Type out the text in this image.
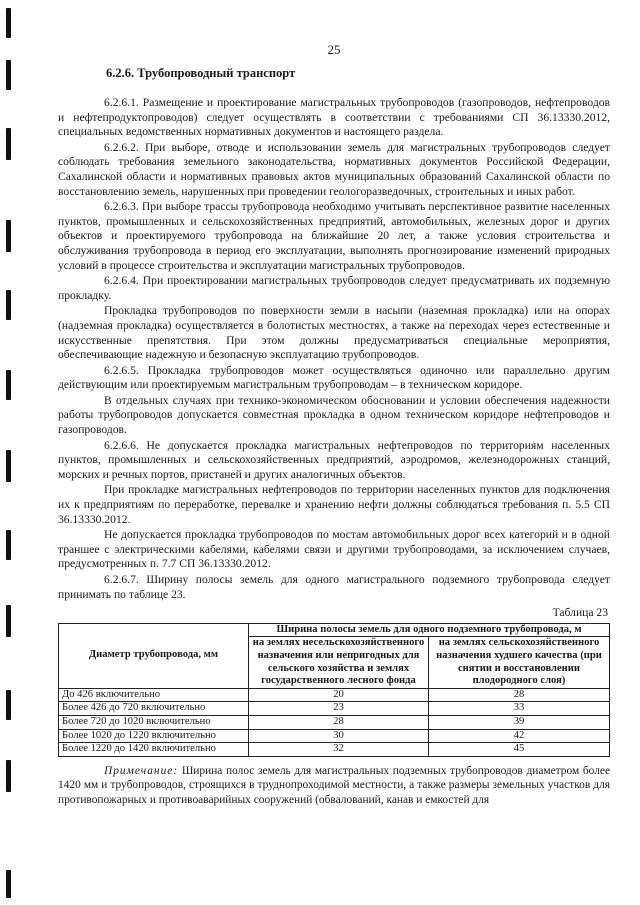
25
6.2.6. Трубопроводный транспорт

6.2.6.1. Размещение и проектирование магистральных трубопроводов (газопроводов, нефтепроводов и нефтепродуктопроводов) следует осуществлять в соответствии с требованиями СП 36.13330.2012, специальных ведомственных нормативных документов и настоящего раздела.

6.2.6.2. При выборе, отводе и использовании земель для магистральных трубопроводов следует соблюдать требования земельного законодательства, нормативных документов Российской Федерации, Сахалинской области и нормативных правовых актов муниципальных образований Сахалинской области по восстановлению земель, нарушенных при проведении геологоразведочных, строительных и иных работ.

6.2.6.3. При выборе трассы трубопровода необходимо учитывать перспективное развитие населенных пунктов, промышленных и сельскохозяйственных предприятий, автомобильных, железных дорог и других объектов и проектируемого трубопровода на ближайшие 20 лет, а также условия строительства и обслуживания трубопровода в период его эксплуатации, выполнять прогнозирование изменений природных условий в процессе строительства и эксплуатации магистральных трубопроводов.

6.2.6.4. При проектировании магистральных трубопроводов следует предусматривать их подземную прокладку.

Прокладка трубопроводов по поверхности земли в насыпи (наземная прокладка) или на опорах (надземная прокладка) осуществляется в болотистых местностях, а также на переходах через естественные и искусственные препятствия. При этом должны предусматриваться специальные мероприятия, обеспечивающие надежную и безопасную эксплуатацию трубопроводов.

6.2.6.5. Прокладка трубопроводов может осуществляться одиночно или параллельно другим действующим или проектируемым магистральным трубопроводам – в техническом коридоре.

В отдельных случаях при технико-экономическом обосновании и условии обеспечения надежности работы трубопроводов допускается совместная прокладка в одном техническом коридоре нефтепроводов и газопроводов.

6.2.6.6. Не допускается прокладка магистральных нефтепроводов по территориям населенных пунктов, промышленных и сельскохозяйственных предприятий, аэродромов, железнодорожных станций, морских и речных портов, пристаней и других аналогичных объектов.

При прокладке магистральных нефтепроводов по территории населенных пунктов для подключения их к предприятиям по переработке, перевалке и хранению нефти должны соблюдаться требования п. 5.5 СП 36.13330.2012.

Не допускается прокладка трубопроводов по мостам автомобильных дорог всех категорий и в одной траншее с электрическими кабелями, кабелями связи и другими трубопроводами, за исключением случаев, предусмотренных п. 7.7 СП 36.13330.2012.

6.2.6.7. Ширину полосы земель для одного магистрального подземного трубопровода следует принимать по таблице 23.

Таблица 23
Диаметр трубопровода, мм	Ширина полосы земель для одного подземного трубопровода, м	
	на землях несельскохозяйственного назначения или непригодных для сельского хозяйства и землях государственного лесного фонда	на землях сельскохозяйственного назначения худшего качества (при снятии и восстановлении плодородного слоя)
До 426 включительно	20	28
Более 426 до 720 включительно	23	33
Более 720 до 1020 включительно	28	39
Более 1020 до 1220 включительно	30	42
Более 1220 до 1420 включительно	32	45
Примечание: Ширина полос земель для магистральных подземных трубопроводов диаметром более 1420 мм и трубопроводов, строящихся в труднопроходимой местности, а также размеры земельных участков для противопожарных и противоаварийных сооружений (обвалований, канав и емкостей для
